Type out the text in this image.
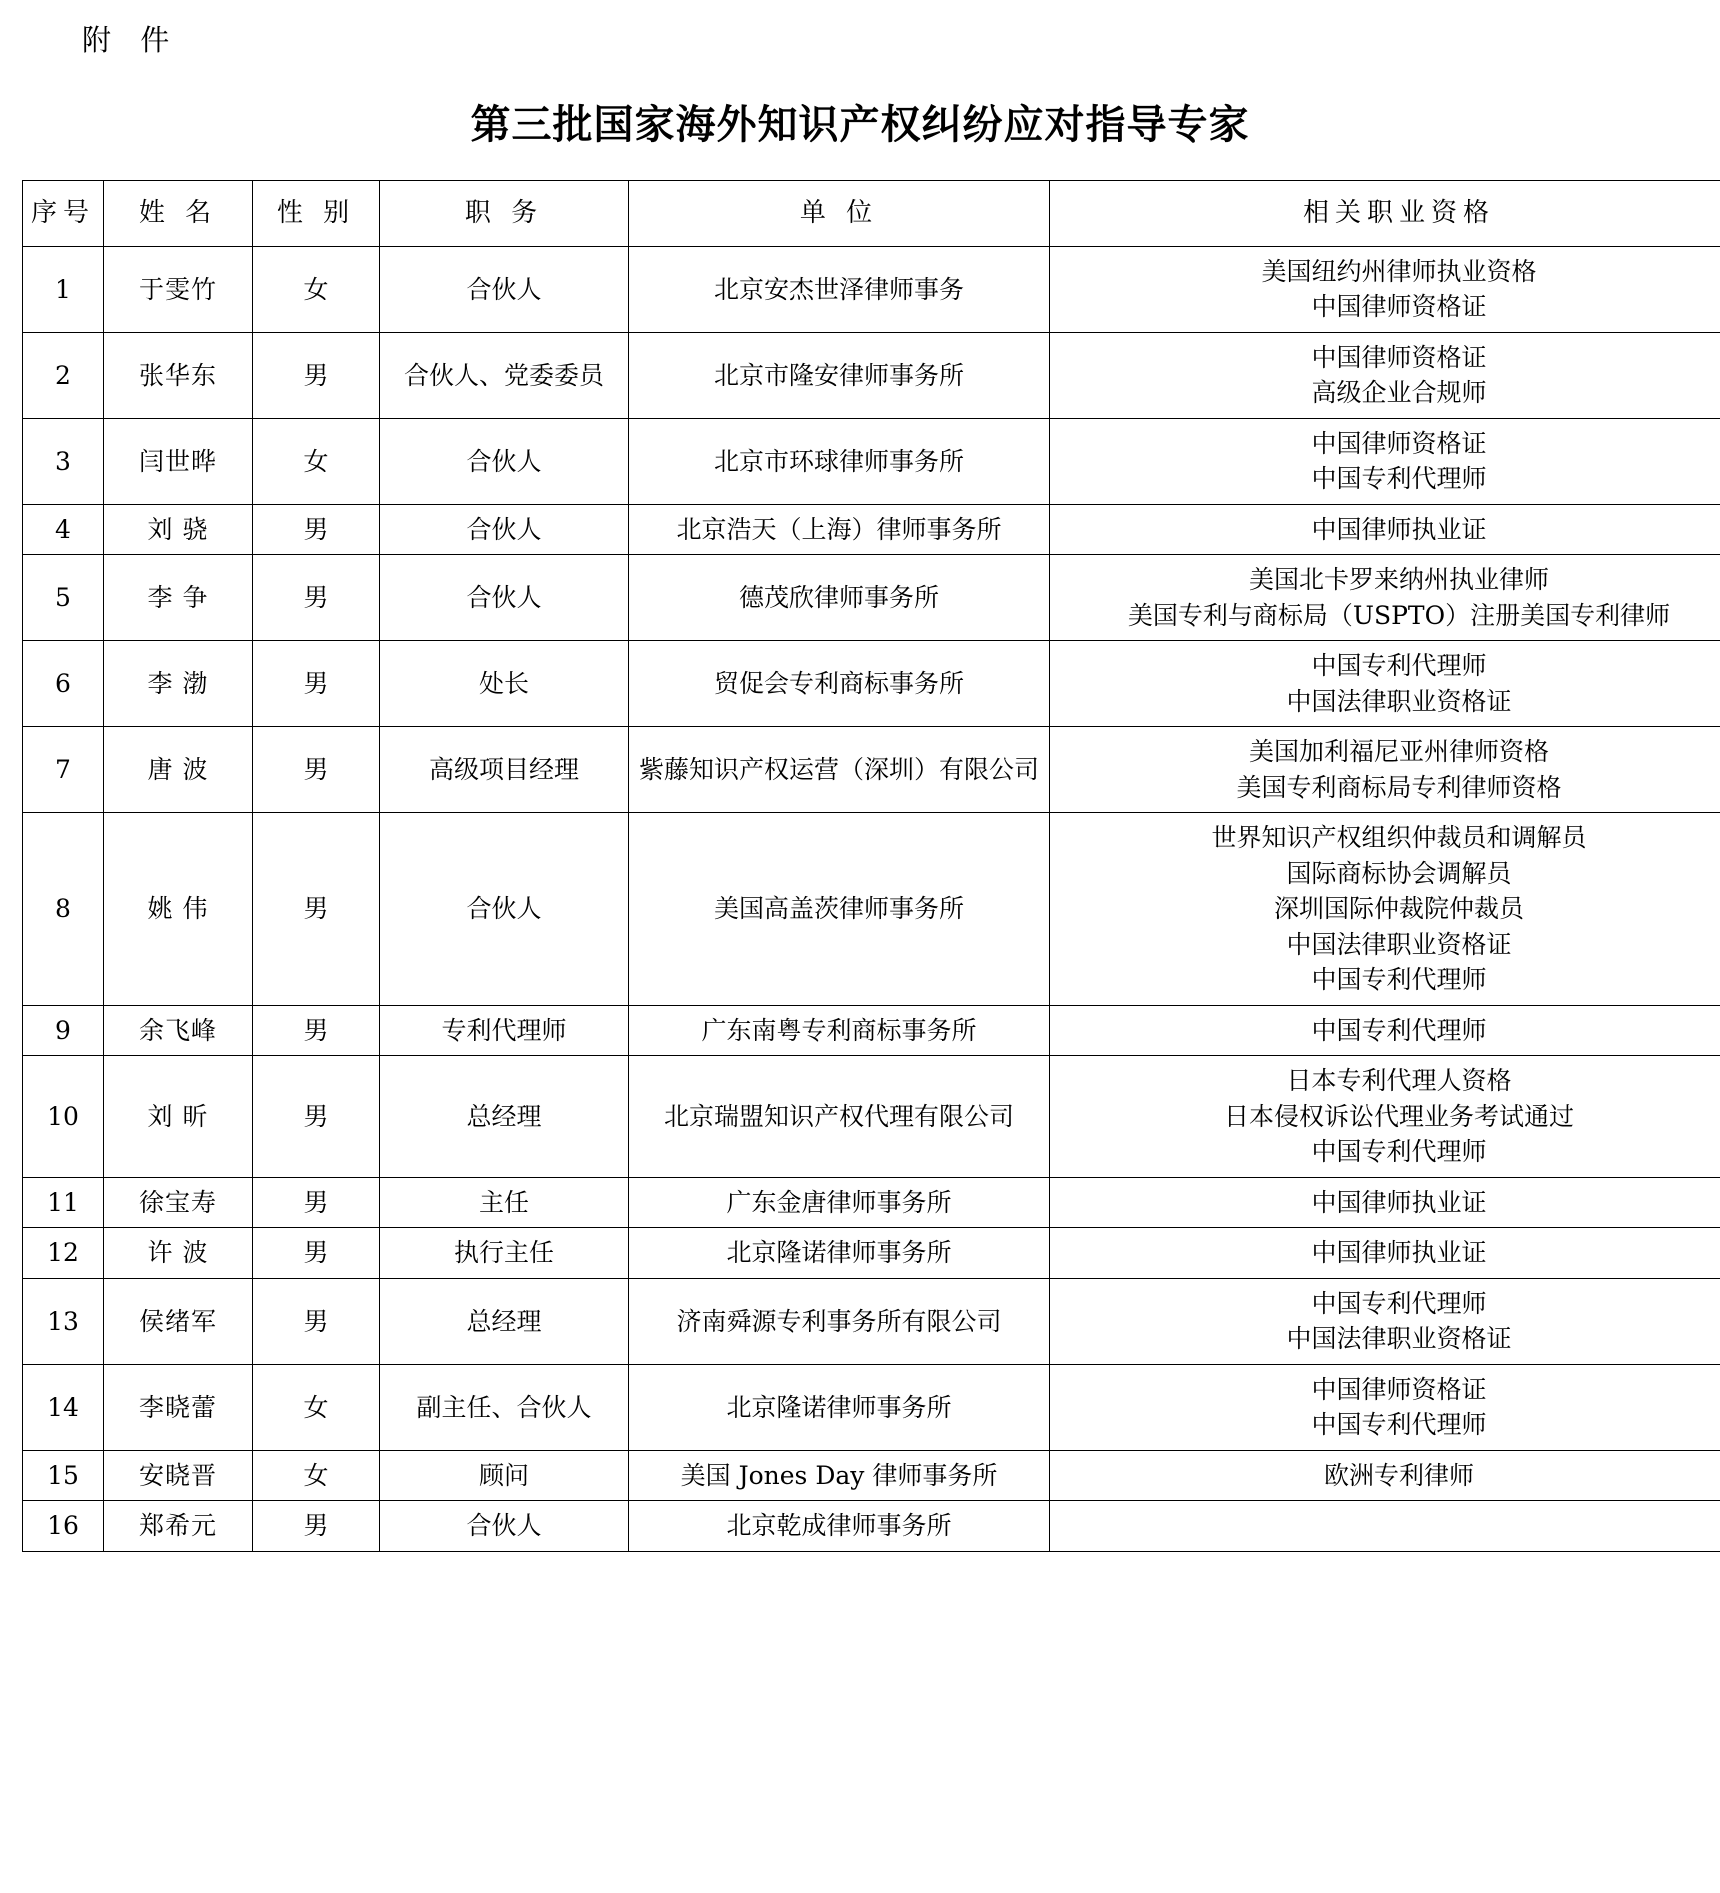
附 件
第三批国家海外知识产权纠纷应对指导专家
序号	姓 名	性 别	职 务	单 位	相关职业资格
1	于雯竹	女	合伙人	北京安杰世泽律师事务	美国纽约州律师执业资格
中国律师资格证

2	张华东	男	合伙人、党委委员	北京市隆安律师事务所	中国律师资格证
高级企业合规师

3	闫世晔	女	合伙人	北京市环球律师事务所	中国律师资格证
中国专利代理师

4	刘 骁	男	合伙人	北京浩天（上海）律师事务所	中国律师执业证

5	李 争	男	合伙人	德茂欣律师事务所	美国北卡罗来纳州执业律师
美国专利与商标局（USPTO）注册美国专利律师

6	李 渤	男	处长	贸促会专利商标事务所	中国专利代理师
中国法律职业资格证

7	唐 波	男	高级项目经理	紫藤知识产权运营（深圳）有限公司	美国加利福尼亚州律师资格
美国专利商标局专利律师资格

8	姚 伟	男	合伙人	美国高盖茨律师事务所	世界知识产权组织仲裁员和调解员
国际商标协会调解员
深圳国际仲裁院仲裁员
中国法律职业资格证
中国专利代理师

9	余飞峰	男	专利代理师	广东南粤专利商标事务所	中国专利代理师

10	刘 昕	男	总经理	北京瑞盟知识产权代理有限公司	日本专利代理人资格
日本侵权诉讼代理业务考试通过
中国专利代理师

11	徐宝寿	男	主任	广东金唐律师事务所	中国律师执业证

12	许 波	男	执行主任	北京隆诺律师事务所	中国律师执业证

13	侯绪军	男	总经理	济南舜源专利事务所有限公司	中国专利代理师
中国法律职业资格证

14	李晓蕾	女	副主任、合伙人	北京隆诺律师事务所	中国律师资格证
中国专利代理师

15	安晓晋	女	顾问	美国 Jones Day 律师事务所	欧洲专利律师

16	郑希元	男	合伙人	北京乾成律师事务所	
